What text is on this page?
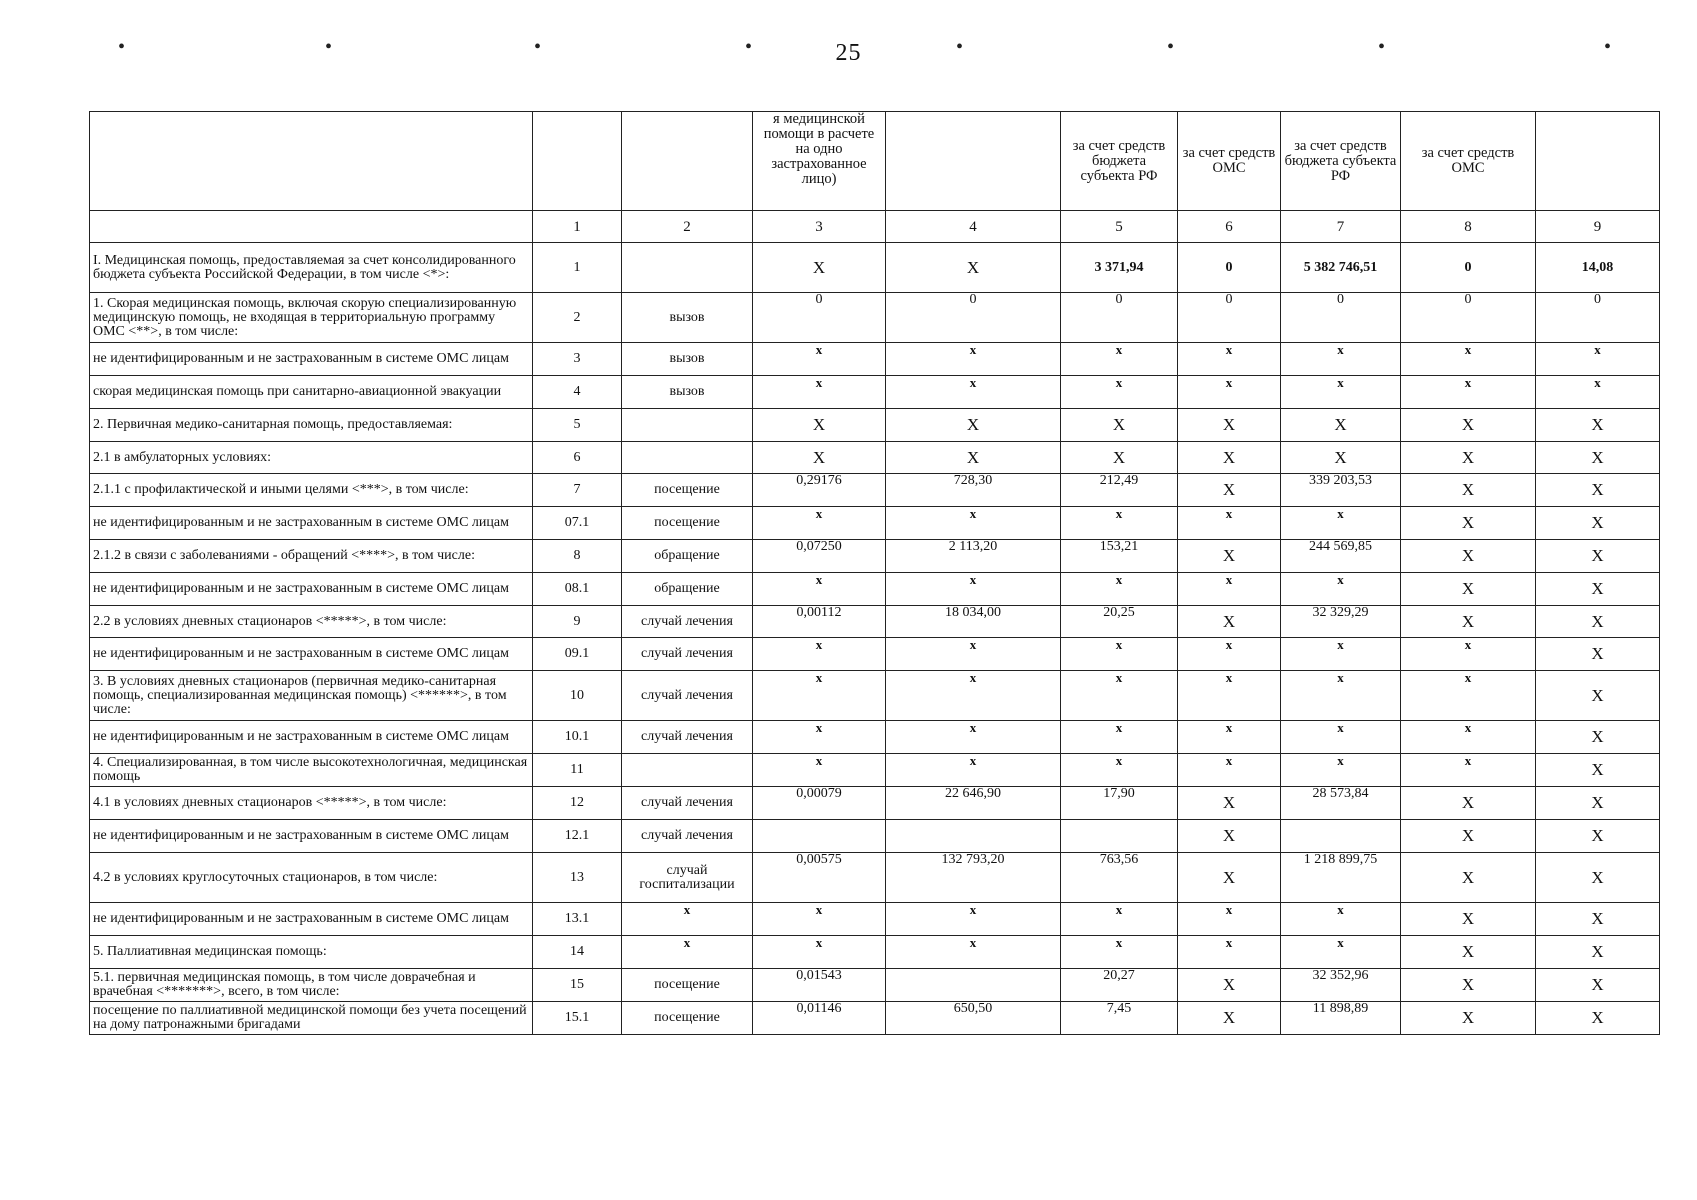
•	•	•	•	•	•	•	•
25
			я медицинской помощи в расчете на одно застрахованное лицо)		за счет средств бюджета субъекта РФ	за счет средств ОМС	за счет средств бюджета субъекта РФ	за счет средств ОМС	
	1	2	3	4	5	6	7	8	9
I. Медицинская помощь, предоставляемая за счет консолидированного бюджета субъекта Российской Федерации, в том числе <*>:	1		X	X	3 371,94	0	5 382 746,51	0	14,08
1. Скорая медицинская помощь, включая скорую специализированную медицинскую помощь, не входящая в территориальную программу ОМС <**>, в том числе:	2	вызов	0	0	0	0	0	0	0
не идентифицированным и не застрахованным в системе ОМС лицам	3	вызов	x	x	x	x	x	x	x
скорая медицинская помощь при санитарно-авиационной эвакуации	4	вызов	x	x	x	x	x	x	x
2. Первичная медико-санитарная помощь, предоставляемая:	5		X	X	X	X	X	X	X
2.1 в амбулаторных условиях:	6		X	X	X	X	X	X	X
2.1.1 с профилактической и иными целями <***>, в том числе:	7	посещение	0,29176	728,30	212,49	X	339 203,53	X	X
не идентифицированным и не застрахованным в системе ОМС лицам	07.1	посещение	x	x	x	x	x	X	X
2.1.2 в связи с заболеваниями - обращений <****>, в том числе:	8	обращение	0,07250	2 113,20	153,21	X	244 569,85	X	X
не идентифицированным и не застрахованным в системе ОМС лицам	08.1	обращение	x	x	x	x	x	X	X
2.2 в условиях дневных стационаров <*****>, в том числе:	9	случай лечения	0,00112	18 034,00	20,25	X	32 329,29	X	X
не идентифицированным и не застрахованным в системе ОМС лицам	09.1	случай лечения	x	x	x	x	x	x	X
3. В условиях дневных стационаров (первичная медико-санитарная помощь, специализированная медицинская помощь) <******>, в том числе:	10	случай лечения	x	x	x	x	x	x	X
не идентифицированным и не застрахованным в системе ОМС лицам	10.1	случай лечения	x	x	x	x	x	x	X
4. Специализированная, в том числе высокотехнологичная, медицинская помощь	11		x	x	x	x	x	x	X
4.1 в условиях дневных стационаров <*****>, в том числе:	12	случай лечения	0,00079	22 646,90	17,90	X	28 573,84	X	X
не идентифицированным и не застрахованным в системе ОМС лицам	12.1	случай лечения				X		X	X
4.2 в условиях круглосуточных стационаров, в том числе:	13	случай госпитализации	0,00575	132 793,20	763,56	X	1 218 899,75	X	X
не идентифицированным и не застрахованным в системе ОМС лицам	13.1	x	x	x	x	x	x	X	X
5. Паллиативная медицинская помощь:	14	x	x	x	x	x	x	X	X
5.1. первичная медицинская помощь, в том числе доврачебная и врачебная <*******>, всего, в том числе:	15	посещение	0,01543		20,27	X	32 352,96	X	X
посещение по паллиативной медицинской помощи без учета посещений на дому патронажными бригадами	15.1	посещение	0,01146	650,50	7,45	X	11 898,89	X	X
